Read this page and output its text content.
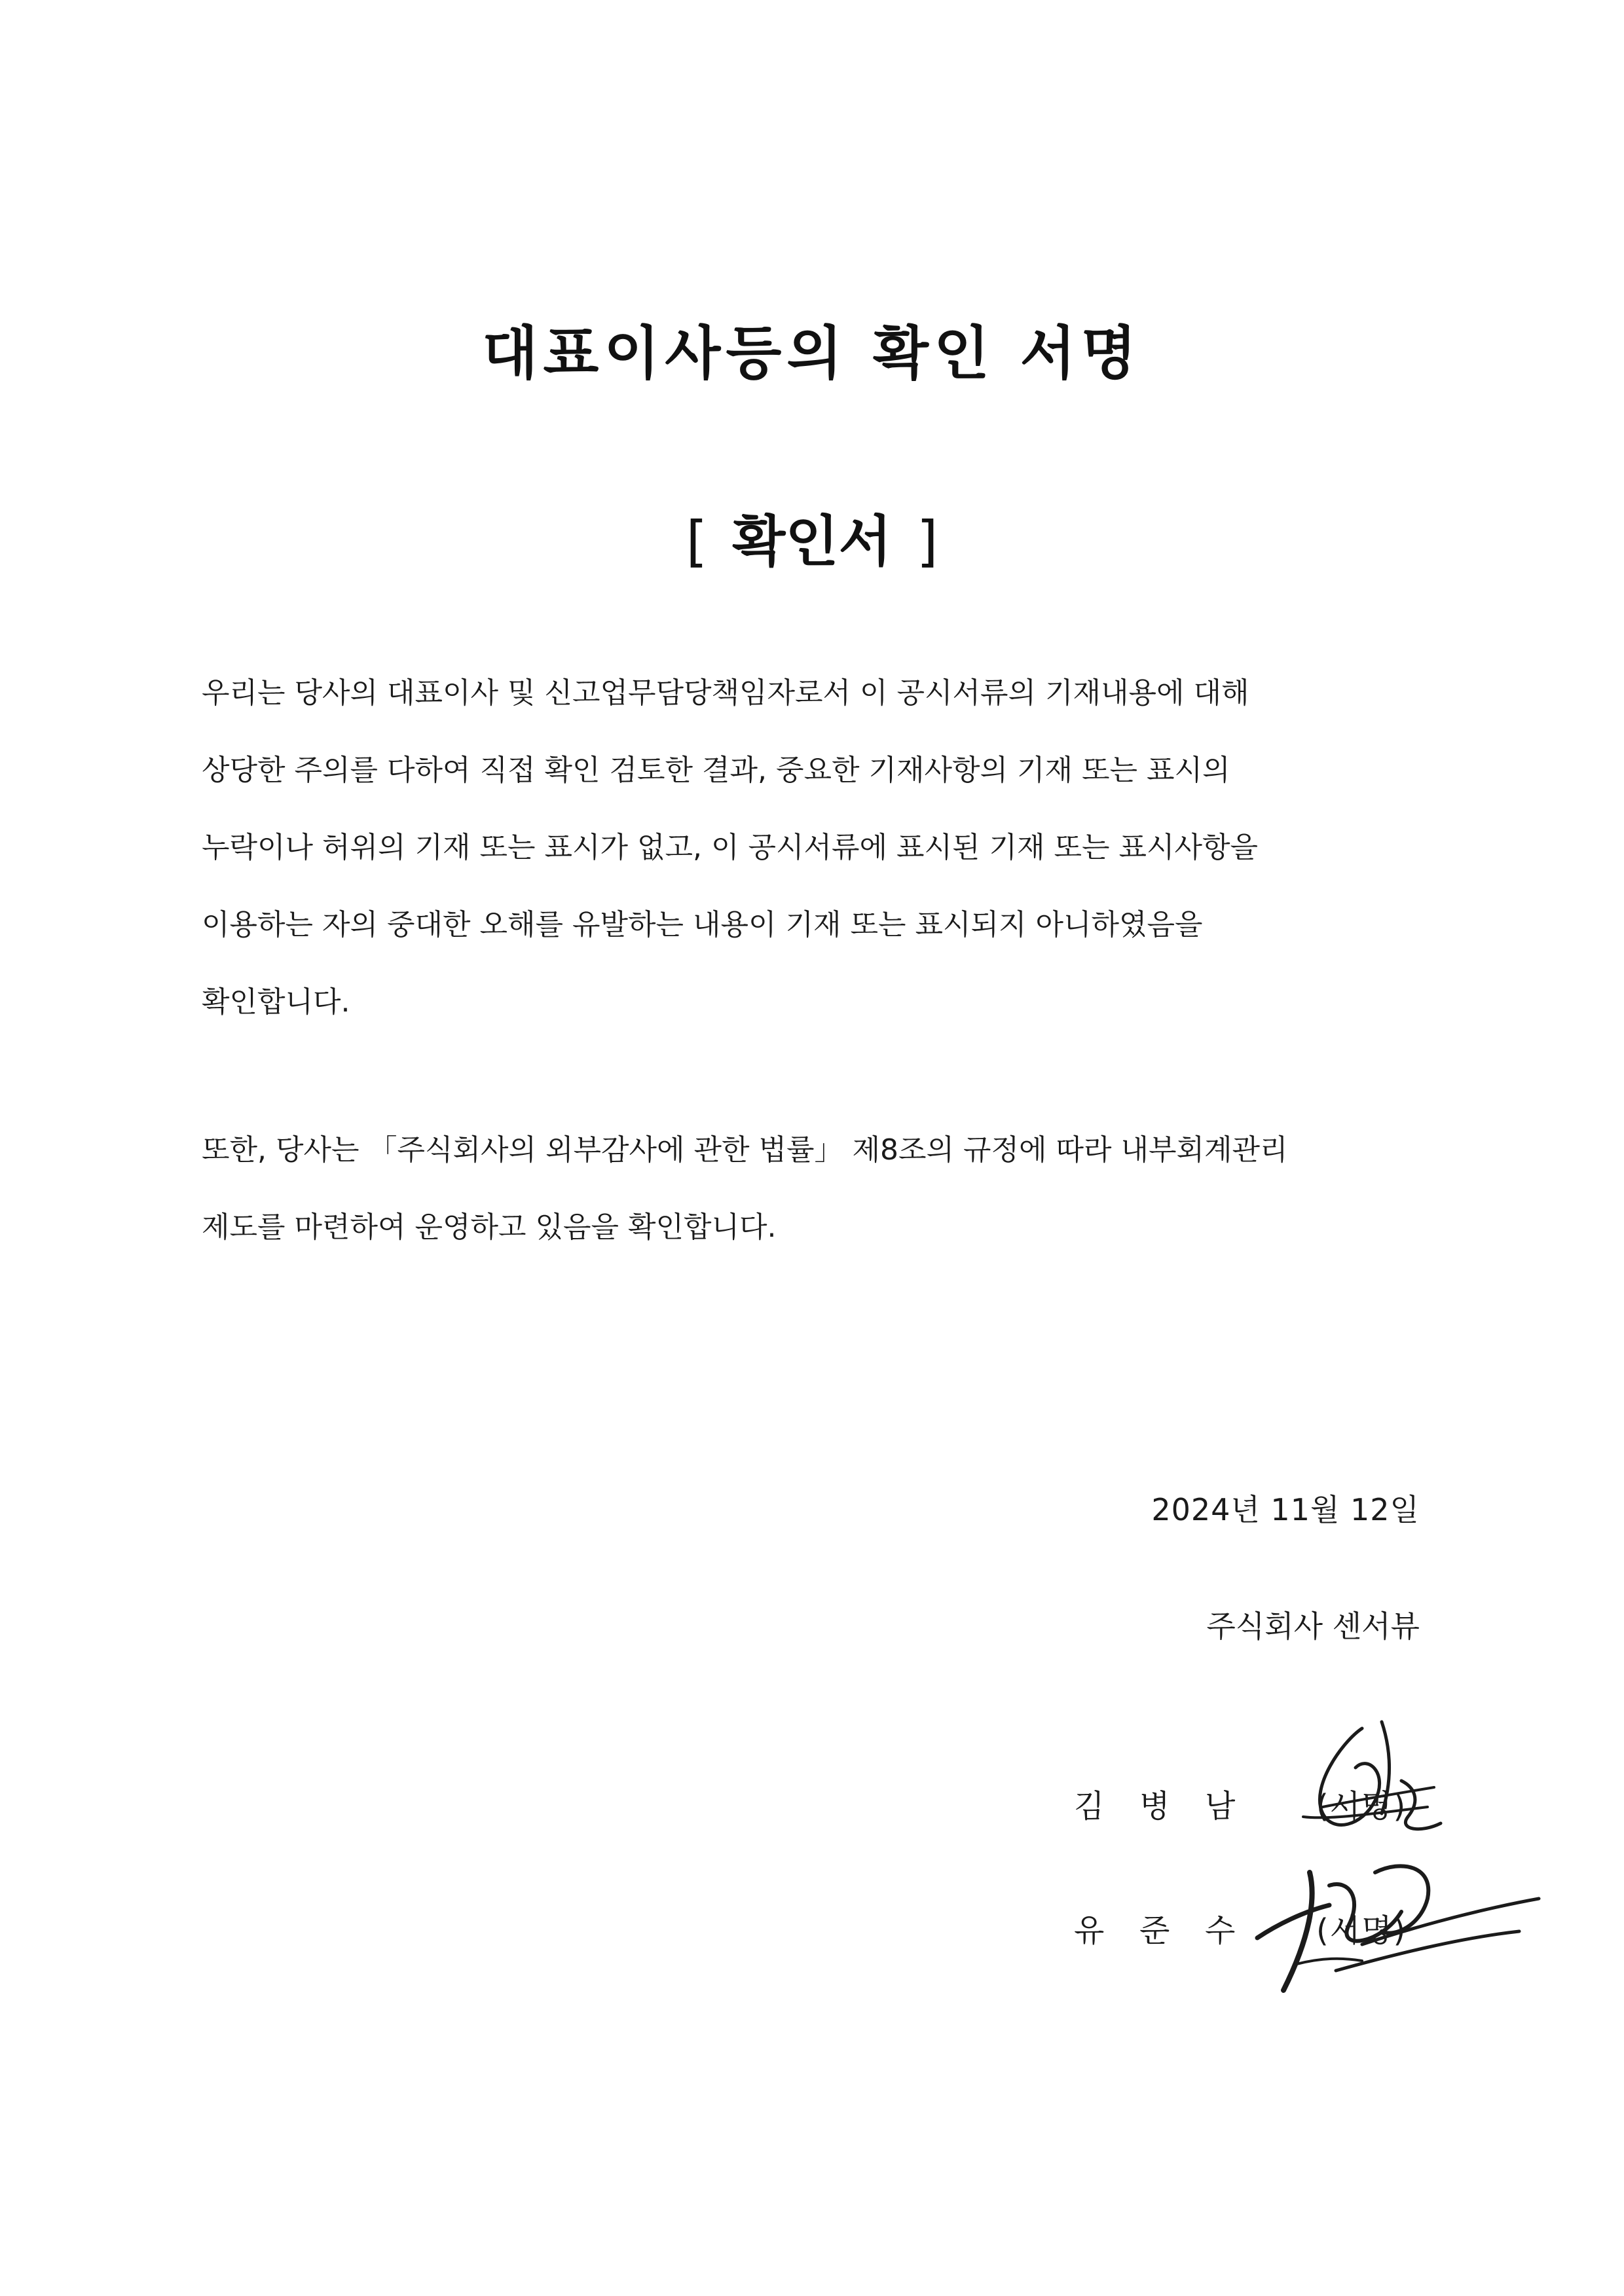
대표이사등의 확인 서명
[ 확인서 ]
우리는 당사의 대표이사 및 신고업무담당책임자로서 이 공시서류의 기재내용에 대해
상당한 주의를 다하여 직접 확인 검토한 결과, 중요한 기재사항의 기재 또는 표시의
누락이나 허위의 기재 또는 표시가 없고, 이 공시서류에 표시된 기재 또는 표시사항을
이용하는 자의 중대한 오해를 유발하는 내용이 기재 또는 표시되지 아니하였음을
확인합니다.
또한, 당사는 「주식회사의 외부감사에 관한 법률」 제8조의 규정에 따라 내부회계관리
제도를 마련하여 운영하고 있음을 확인합니다.
2024년 11월 12일
주식회사 센서뷰
김 병 남	(서명)
유 준 수	(서명)
